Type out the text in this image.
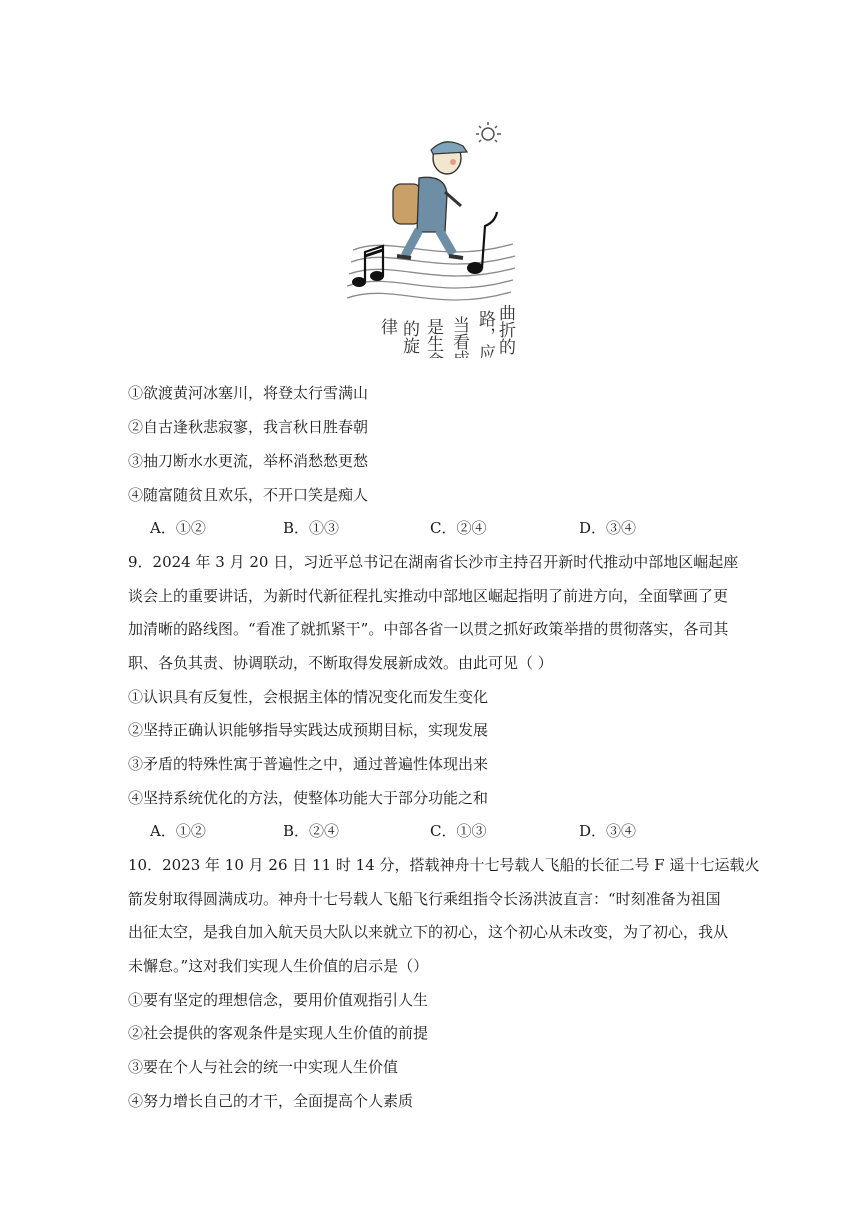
曲折的
路，应
当看成
是生命
的旋
律
①欲渡黄河冰塞川，将登太行雪满山
②自古逢秋悲寂寥，我言秋日胜春朝
③抽刀断水水更流，举杯消愁愁更愁
④随富随贫且欢乐，不开口笑是痴人
A．①②	B．①③	C．②④	D．③④
9．2024 年 3 月 20 日，习近平总书记在湖南省长沙市主持召开新时代推动中部地区崛起座
谈会上的重要讲话，为新时代新征程扎实推动中部地区崛起指明了前进方向，全面擘画了更
加清晰的路线图。“看准了就抓紧干”。中部各省一以贯之抓好政策举措的贯彻落实，各司其
职、各负其责、协调联动，不断取得发展新成效。由此可见（ ）
①认识具有反复性，会根据主体的情况变化而发生变化
②坚持正确认识能够指导实践达成预期目标，实现发展
③矛盾的特殊性寓于普遍性之中，通过普遍性体现出来
④坚持系统优化的方法，使整体功能大于部分功能之和
A．①②	B．②④	C．①③	D．③④
10．2023 年 10 月 26 日 11 时 14 分，搭载神舟十七号载人飞船的长征二号 F 遥十七运载火
箭发射取得圆满成功。神舟十七号载人飞船飞行乘组指令长汤洪波直言：“时刻准备为祖国
出征太空，是我自加入航天员大队以来就立下的初心，这个初心从未改变，为了初心，我从
未懈怠。”这对我们实现人生价值的启示是（）
①要有坚定的理想信念，要用价值观指引人生
②社会提供的客观条件是实现人生价值的前提
③要在个人与社会的统一中实现人生价值
④努力增长自己的才干，全面提高个人素质
